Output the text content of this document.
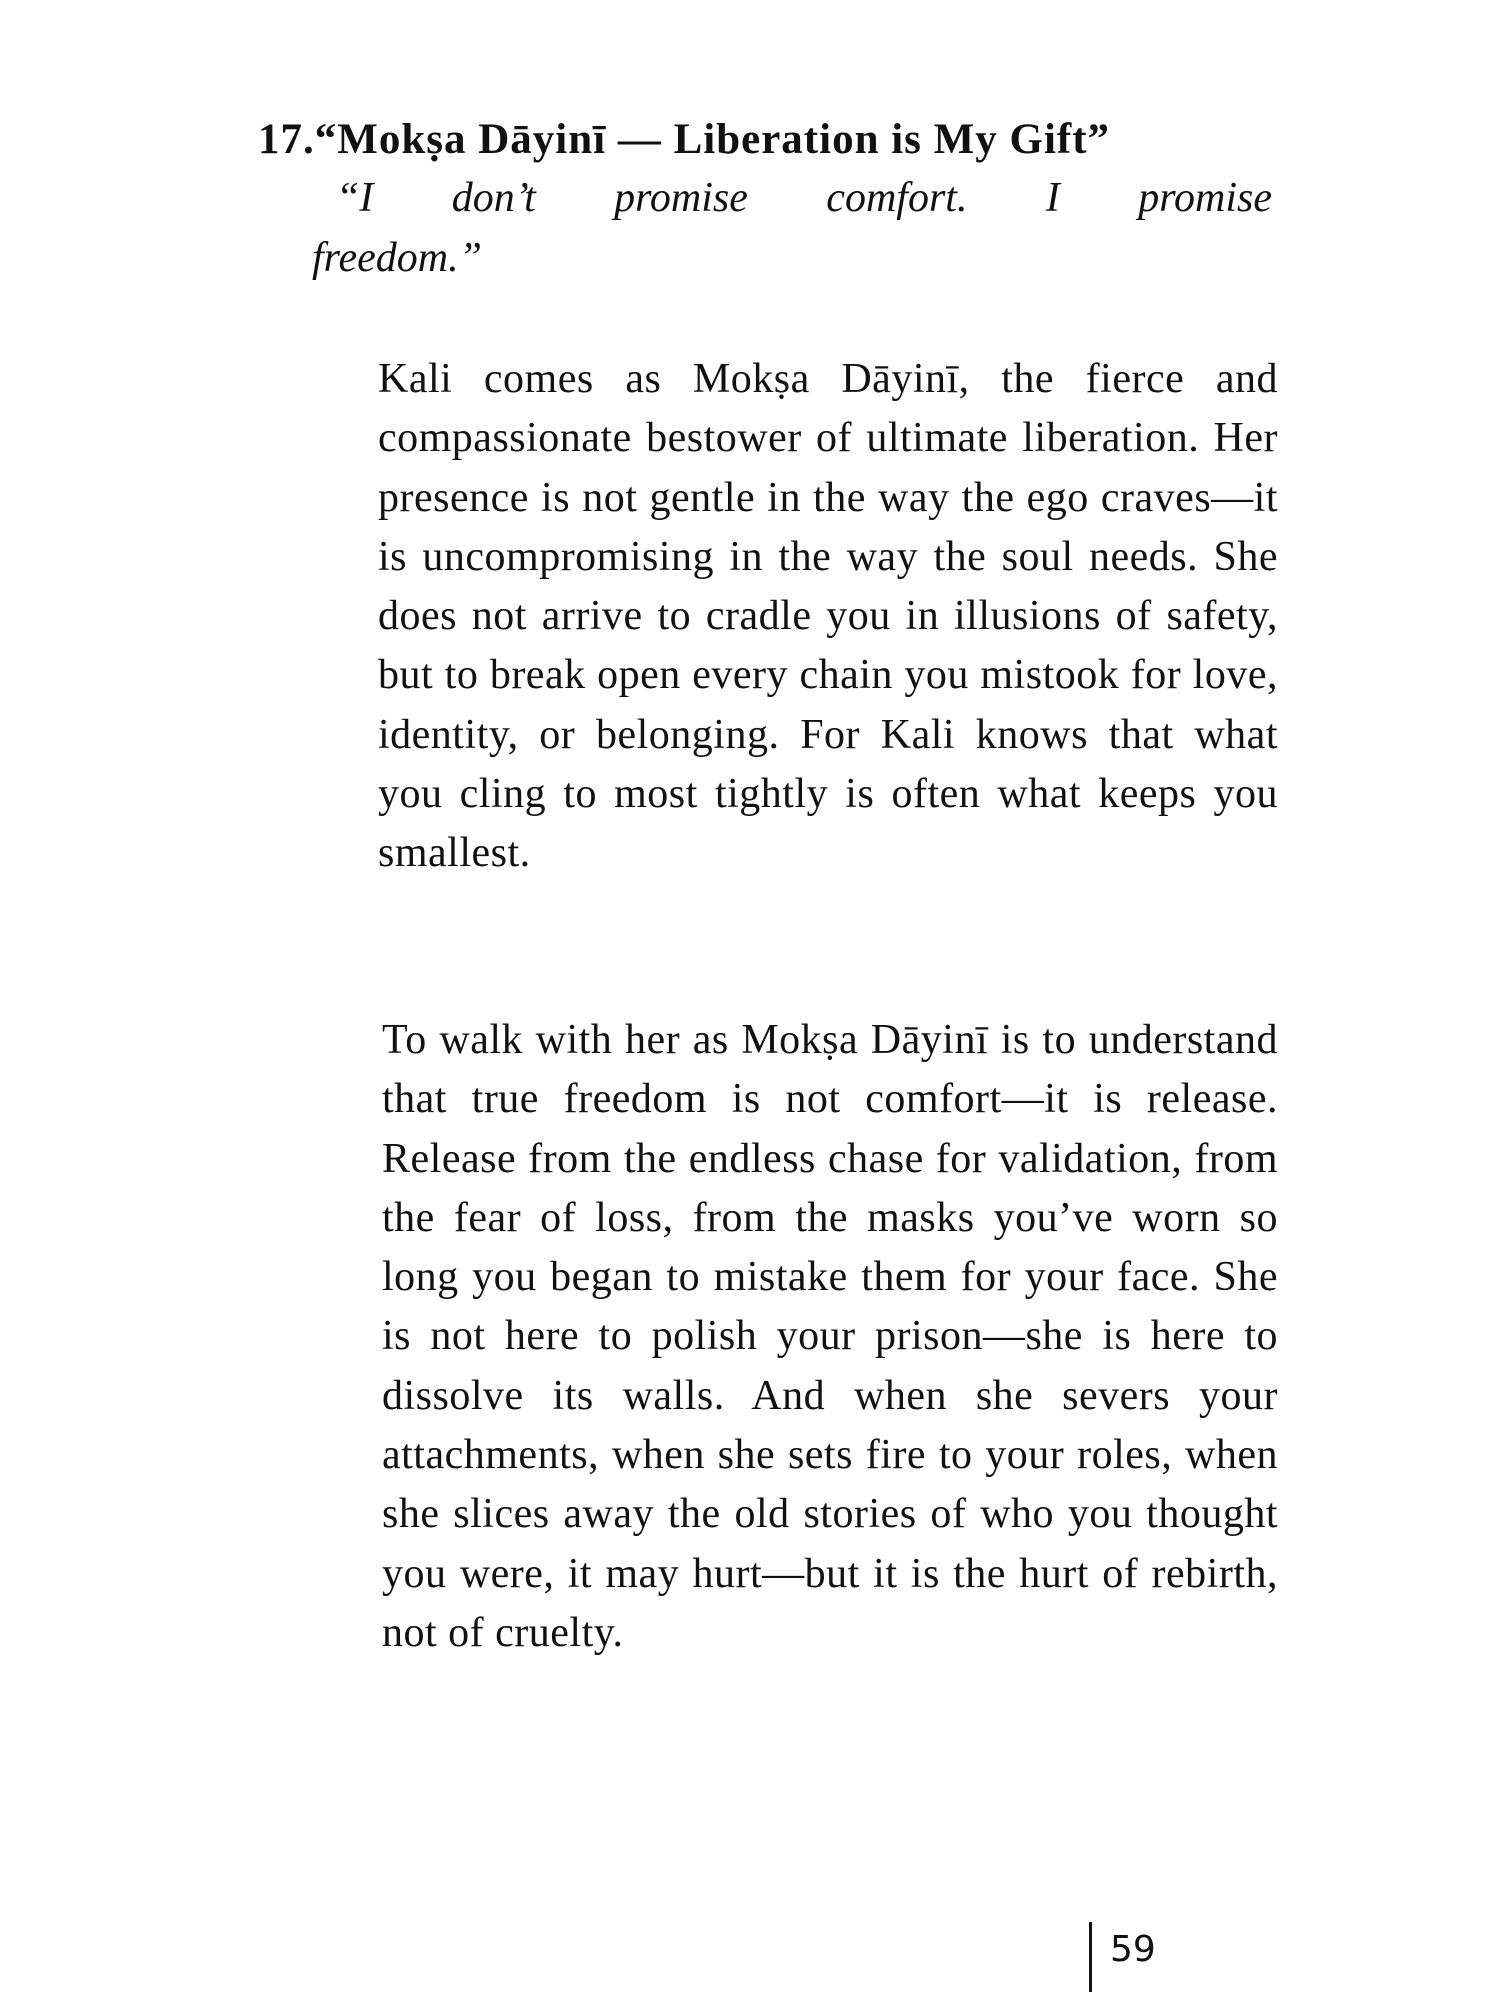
17.“Mokṣa Dāyinī — Liberation is My Gift”
“I don’t promise comfort. I promise
freedom.”
Kali comes as Mokṣa Dāyinī, the fierce and compassionate bestower of ultimate liberation. Her presence is not gentle in the way the ego craves—it is uncompromising in the way the soul needs. She does not arrive to cradle you in illusions of safety, but to break open every chain you mistook for love, identity, or belonging. For Kali knows that what you cling to most tightly is often what keeps you smallest.
To walk with her as Mokṣa Dāyinī is to understand that true freedom is not comfort—it is release. Release from the endless chase for validation, from the fear of loss, from the masks you’ve worn so long you began to mistake them for your face. She is not here to polish your prison—she is here to dissolve its walls. And when she severs your attachments, when she sets fire to your roles, when she slices away the old stories of who you thought you were, it may hurt—but it is the hurt of rebirth, not of cruelty.
59
